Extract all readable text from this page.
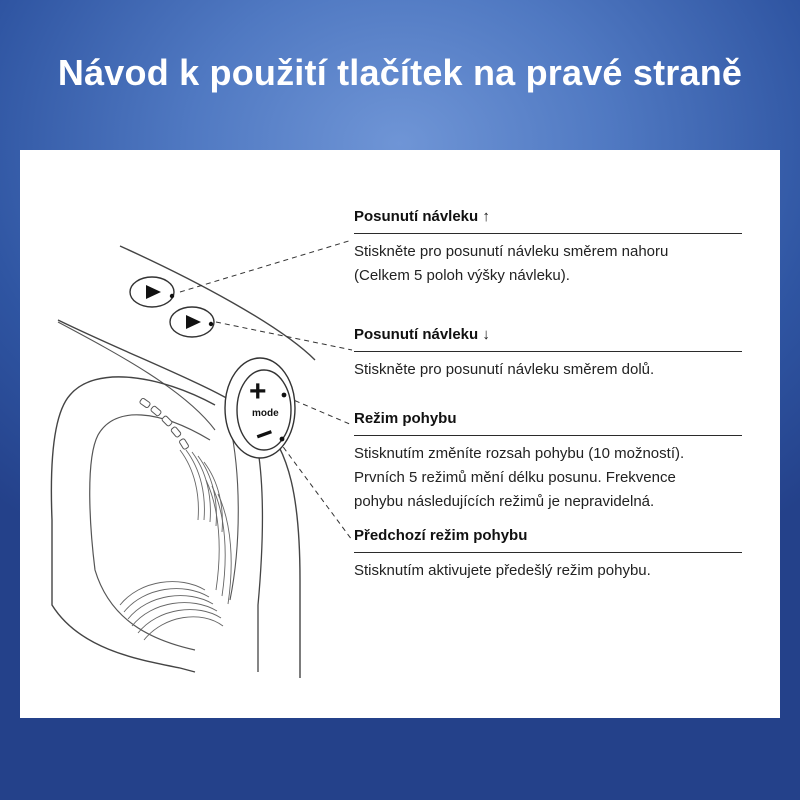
Návod k použití tlačítek na pravé straně
+
mode
−
Posunutí návleku ↑
Stiskněte pro posunutí návleku směrem nahoru
(Celkem 5 poloh výšky návleku).
Posunutí návleku ↓
Stiskněte pro posunutí návleku směrem dolů.
Režim pohybu
Stisknutím změníte rozsah pohybu (10 možností).
Prvních 5 režimů mění délku posunu. Frekvence
pohybu následujících režimů je nepravidelná.
Předchozí režim pohybu
Stisknutím aktivujete předešlý režim pohybu.
